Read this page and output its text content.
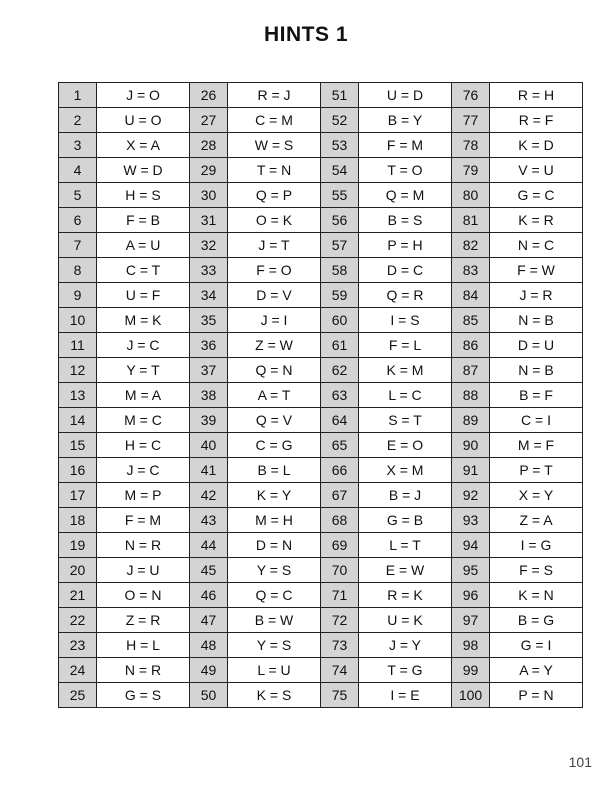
HINTS 1
1	J = O	26	R = J	51	U = D	76	R = H
2	U = O	27	C = M	52	B = Y	77	R = F
3	X = A	28	W = S	53	F = M	78	K = D
4	W = D	29	T = N	54	T = O	79	V = U
5	H = S	30	Q = P	55	Q = M	80	G = C
6	F = B	31	O = K	56	B = S	81	K = R
7	A = U	32	J = T	57	P = H	82	N = C
8	C = T	33	F = O	58	D = C	83	F = W
9	U = F	34	D = V	59	Q = R	84	J = R
10	M = K	35	J = I	60	I = S	85	N = B
11	J = C	36	Z = W	61	F = L	86	D = U
12	Y = T	37	Q = N	62	K = M	87	N = B
13	M = A	38	A = T	63	L = C	88	B = F
14	M = C	39	Q = V	64	S = T	89	C = I
15	H = C	40	C = G	65	E = O	90	M = F
16	J = C	41	B = L	66	X = M	91	P = T
17	M = P	42	K = Y	67	B = J	92	X = Y
18	F = M	43	M = H	68	G = B	93	Z = A
19	N = R	44	D = N	69	L = T	94	I = G
20	J = U	45	Y = S	70	E = W	95	F = S
21	O = N	46	Q = C	71	R = K	96	K = N
22	Z = R	47	B = W	72	U = K	97	B = G
23	H = L	48	Y = S	73	J = Y	98	G = I
24	N = R	49	L = U	74	T = G	99	A = Y
25	G = S	50	K = S	75	I = E	100	P = N
101
